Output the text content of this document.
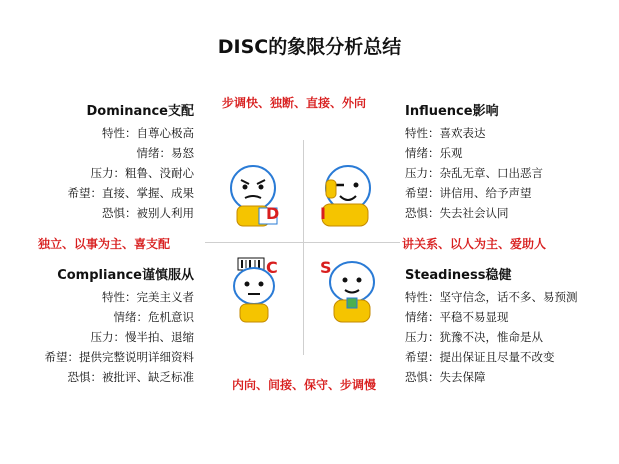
DISC的象限分析总结
步调快、独断、直接、外向
内向、间接、保守、步调慢
独立、以事为主、喜支配	讲关系、以人为主、爱助人
Dominance支配
特性：自尊心极高
情绪：易怒
压力：粗鲁、没耐心
希望：直接、掌握、成果
恐惧：被别人利用
Influence影响
特性：喜欢表达
情绪：乐观
压力：杂乱无章、口出恶言
希望：讲信用、给予声望
恐惧：失去社会认同
Compliance谨慎服从
特性：完美主义者
情绪：危机意识
压力：慢半拍、退缩
希望：提供完整说明详细资料
恐惧：被批评、缺乏标准
Steadiness稳健
特性：坚守信念，话不多、易预测
情绪：平稳不易显现
压力：犹豫不决，惟命是从
希望：提出保证且尽量不改变
恐惧：失去保障
D	I
C	S
